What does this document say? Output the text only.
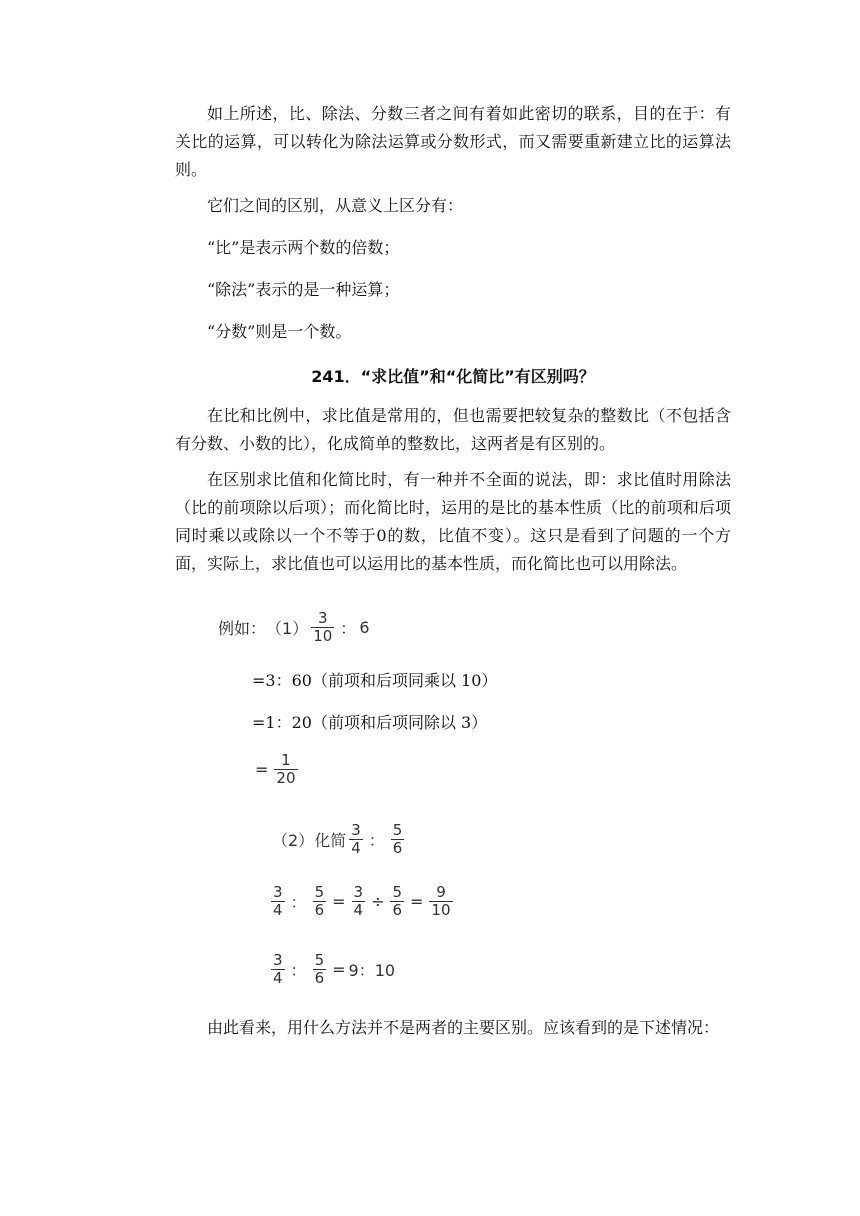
如上所述，比、除法、分数三者之间有着如此密切的联系，目的在于：有关比的运算，可以转化为除法运算或分数形式，而又需要重新建立比的运算法则。

它们之间的区别，从意义上区分有：

“比”是表示两个数的倍数；

“除法”表示的是一种运算；

“分数”则是一个数。

241．“求比值”和“化简比”有区别吗？

在比和比例中，求比值是常用的，但也需要把较复杂的整数比（不包括含有分数、小数的比），化成简单的整数比，这两者是有区别的。

在区别求比值和化简比时，有一种并不全面的说法，即：求比值时用除法（比的前项除以后项）；而化简比时，运用的是比的基本性质（比的前项和后项同时乘以或除以一个不等于0的数，比值不变）。这只是看到了问题的一个方面，实际上，求比值也可以运用比的基本性质，而化简比也可以用除法。

例如： $(1) \frac{3}{10}$ ： 6
=3：60（前项和后项同乘以 10）
=1：20（前项和后项同除以 3）
= $\frac{1}{20}$
（2） 化简 $\frac{3}{4}$ ： $\frac{5}{6}$
$\frac{3}{4}$ ： $\frac{5}{6} = \frac{3}{4} \div \frac{5}{6} = \frac{9}{10}$
$\frac{3}{4}$ ： $\frac{5}{6} = 9$：10

由此看来，用什么方法并不是两者的主要区别。应该看到的是下述情况：
